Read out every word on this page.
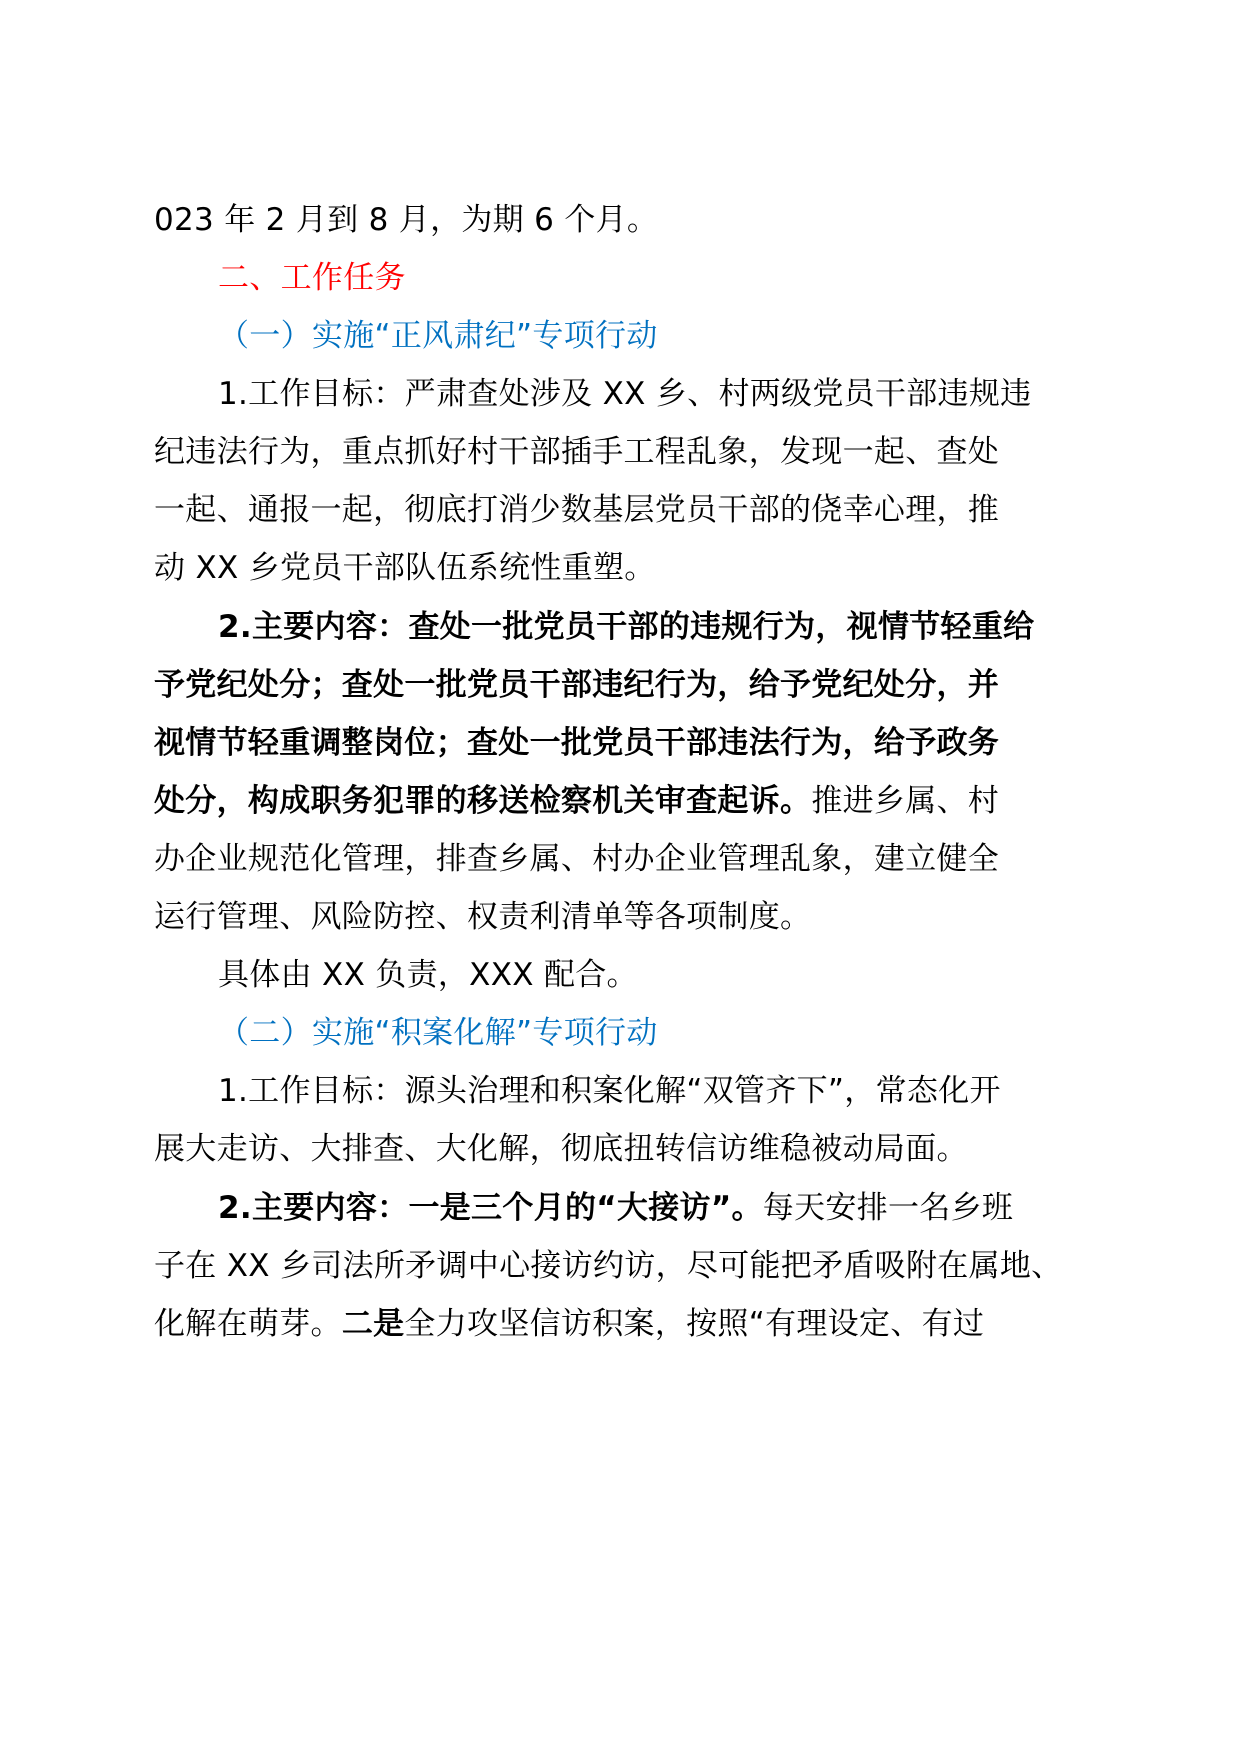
023 年 2 月到 8 月，为期 6 个月。
二、工作任务
（一）实施“正风肃纪”专项行动
1.工作目标：严肃查处涉及 XX 乡、村两级党员干部违规违
纪违法行为，重点抓好村干部插手工程乱象，发现一起、查处
一起、通报一起，彻底打消少数基层党员干部的侥幸心理，推
动 XX 乡党员干部队伍系统性重塑。
2.主要内容：查处一批党员干部的违规行为，视情节轻重给
予党纪处分；查处一批党员干部违纪行为，给予党纪处分，并
视情节轻重调整岗位；查处一批党员干部违法行为，给予政务
处分，构成职务犯罪的移送检察机关审查起诉。推进乡属、村
办企业规范化管理，排查乡属、村办企业管理乱象，建立健全
运行管理、风险防控、权责利清单等各项制度。
具体由 XX 负责，XXX 配合。
（二）实施“积案化解”专项行动
1.工作目标：源头治理和积案化解“双管齐下”，常态化开
展大走访、大排查、大化解，彻底扭转信访维稳被动局面。
2.主要内容：一是三个月的“大接访”。每天安排一名乡班
子在 XX 乡司法所矛调中心接访约访，尽可能把矛盾吸附在属地、
化解在萌芽。二是全力攻坚信访积案，按照“有理设定、有过
